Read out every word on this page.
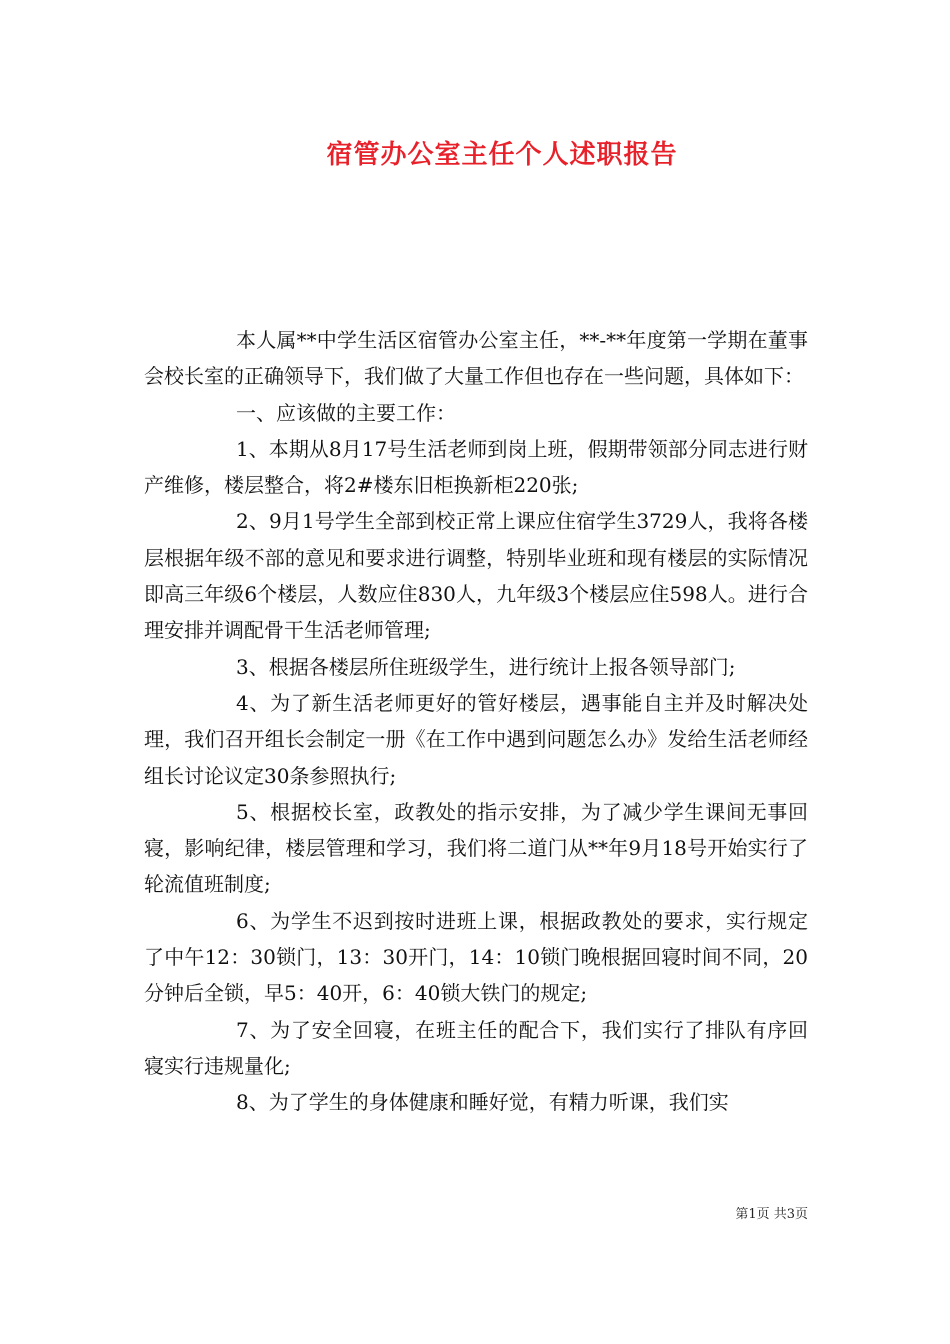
宿管办公室主任个人述职报告

本人属**中学生活区宿管办公室主任，**-**年度第一学期在董事会校长室的正确领导下，我们做了大量工作但也存在一些问题，具体如下：

一、应该做的主要工作：

1、本期从8月17号生活老师到岗上班，假期带领部分同志进行财产维修，楼层整合，将2#楼东旧柜换新柜220张;

2、9月1号学生全部到校正常上课应住宿学生3729人，我将各楼层根据年级不部的意见和要求进行调整，特别毕业班和现有楼层的实际情况即高三年级6个楼层，人数应住830人，九年级3个楼层应住598人。进行合理安排并调配骨干生活老师管理;

3、根据各楼层所住班级学生，进行统计上报各领导部门;

4、为了新生活老师更好的管好楼层，遇事能自主并及时解决处理，我们召开组长会制定一册《在工作中遇到问题怎么办》发给生活老师经组长讨论议定30条参照执行;

5、根据校长室，政教处的指示安排，为了减少学生课间无事回寝，影响纪律，楼层管理和学习，我们将二道门从**年9月18号开始实行了轮流值班制度;

6、为学生不迟到按时进班上课，根据政教处的要求，实行规定了中午12：30锁门，13：30开门，14：10锁门晚根据回寝时间不同，20分钟后全锁，早5：40开，6：40锁大铁门的规定;

7、为了安全回寝，在班主任的配合下，我们实行了排队有序回寝实行违规量化;

8、为了学生的身体健康和睡好觉，有精力听课，我们实

第1页 共3页
